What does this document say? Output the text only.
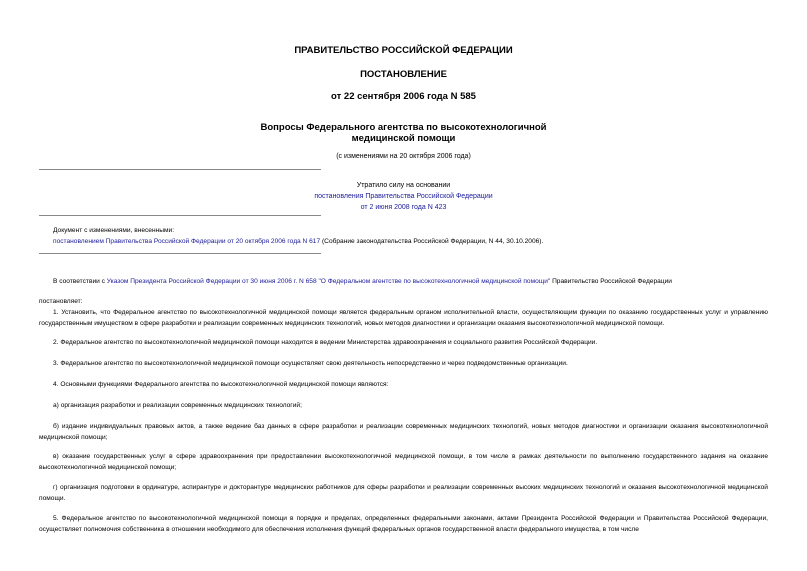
ПРАВИТЕЛЬСТВО РОССИЙСКОЙ ФЕДЕРАЦИИ
ПОСТАНОВЛЕНИЕ
от 22 сентября 2006 года N 585
Вопросы Федерального агентства по высокотехнологичной
медицинской помощи
(с изменениями на 20 октября 2006 года)
Утратило силу на основании
постановления Правительства Российской Федерации
от 2 июня 2008 года N 423
Документ с изменениями, внесенными:
постановлением Правительства Российской Федерации от 20 октября 2006 года N 617 (Собрание законодательства Российской Федерации, N 44, 30.10.2006).
В соответствии с Указом Президента Российской Федерации от 30 июня 2006 г. N 658 "О Федеральном агентстве по высокотехнологичной медицинской помощи" Правительство Российской Федерации
постановляет:
1. Установить, что Федеральное агентство по высокотехнологичной медицинской помощи является федеральным органом исполнительной власти, осуществляющим функции по оказанию государственных услуг и управлению государственным имуществом в сфере разработки и реализации современных медицинских технологий, новых методов диагностики и организации оказания высокотехнологичной медицинской помощи.
2. Федеральное агентство по высокотехнологичной медицинской помощи находится в ведении Министерства здравоохранения и социального развития Российской Федерации.
3. Федеральное агентство по высокотехнологичной медицинской помощи осуществляет свою деятельность непосредственно и через подведомственные организации.
4. Основными функциями Федерального агентства по высокотехнологичной медицинской помощи являются:
а) организация разработки и реализации современных медицинских технологий;
б) издание индивидуальных правовых актов, а также ведение баз данных в сфере разработки и реализации современных медицинских технологий, новых методов диагностики и организации оказания высокотехнологичной медицинской помощи;
в) оказание государственных услуг в сфере здравоохранения при предоставлении высокотехнологичной медицинской помощи, в том числе в рамках деятельности по выполнению государственного задания на оказание высокотехнологичной медицинской помощи;
г) организация подготовки в ординатуре, аспирантуре и докторантуре медицинских работников для сферы разработки и реализации современных высоких медицинских технологий и оказания высокотехнологичной медицинской помощи.
5. Федеральное агентство по высокотехнологичной медицинской помощи в порядке и пределах, определенных федеральными законами, актами Президента Российской Федерации и Правительства Российской Федерации, осуществляет полномочия собственника в отношении необходимого для обеспечения исполнения функций федеральных органов государственной власти федерального имущества, в том числе
